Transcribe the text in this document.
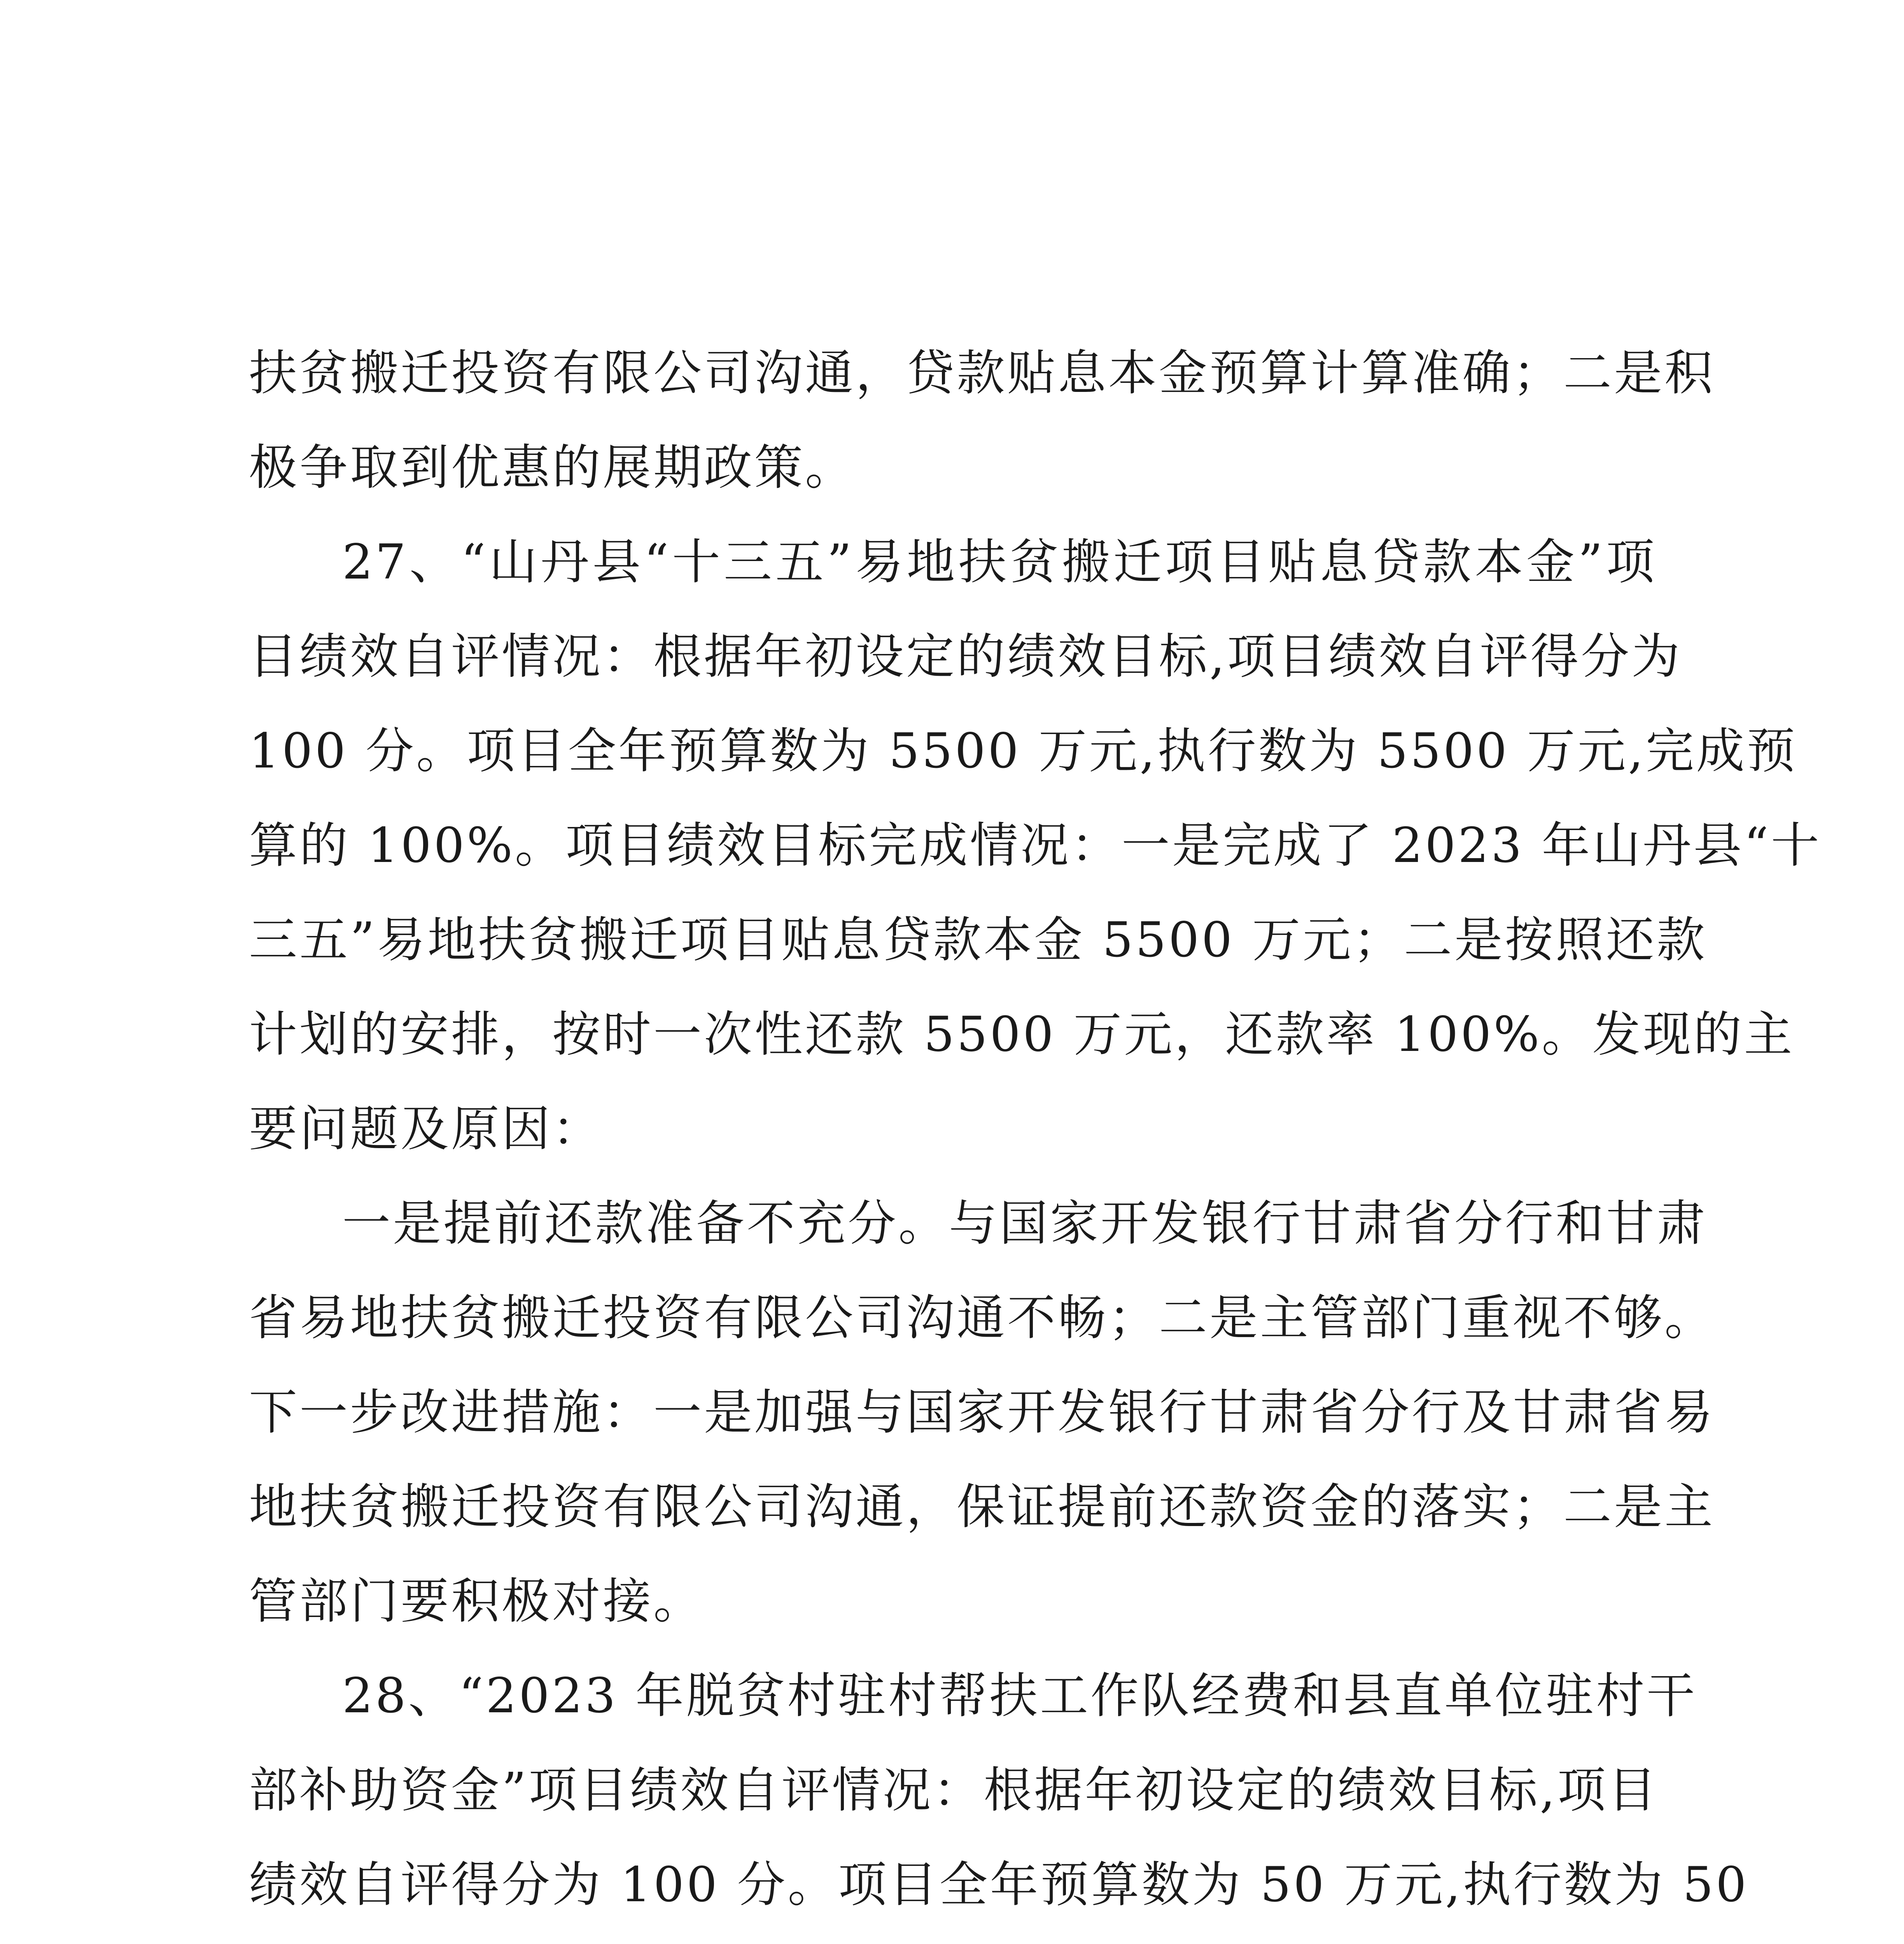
扶贫搬迁投资有限公司沟通，贷款贴息本金预算计算准确；二是积
极争取到优惠的展期政策。
27、“山丹县“十三五”易地扶贫搬迁项目贴息贷款本金”项
目绩效自评情况：根据年初设定的绩效目标,项目绩效自评得分为
100 分。项目全年预算数为 5500 万元,执行数为 5500 万元,完成预
算的 100%。项目绩效目标完成情况：一是完成了 2023 年山丹县“十
三五”易地扶贫搬迁项目贴息贷款本金 5500 万元；二是按照还款
计划的安排，按时一次性还款 5500 万元，还款率 100%。发现的主
要问题及原因：
一是提前还款准备不充分。与国家开发银行甘肃省分行和甘肃
省易地扶贫搬迁投资有限公司沟通不畅；二是主管部门重视不够。
下一步改进措施：一是加强与国家开发银行甘肃省分行及甘肃省易
地扶贫搬迁投资有限公司沟通，保证提前还款资金的落实；二是主
管部门要积极对接。
28、“2023 年脱贫村驻村帮扶工作队经费和县直单位驻村干
部补助资金”项目绩效自评情况：根据年初设定的绩效目标,项目
绩效自评得分为 100 分。项目全年预算数为 50 万元,执行数为 50
